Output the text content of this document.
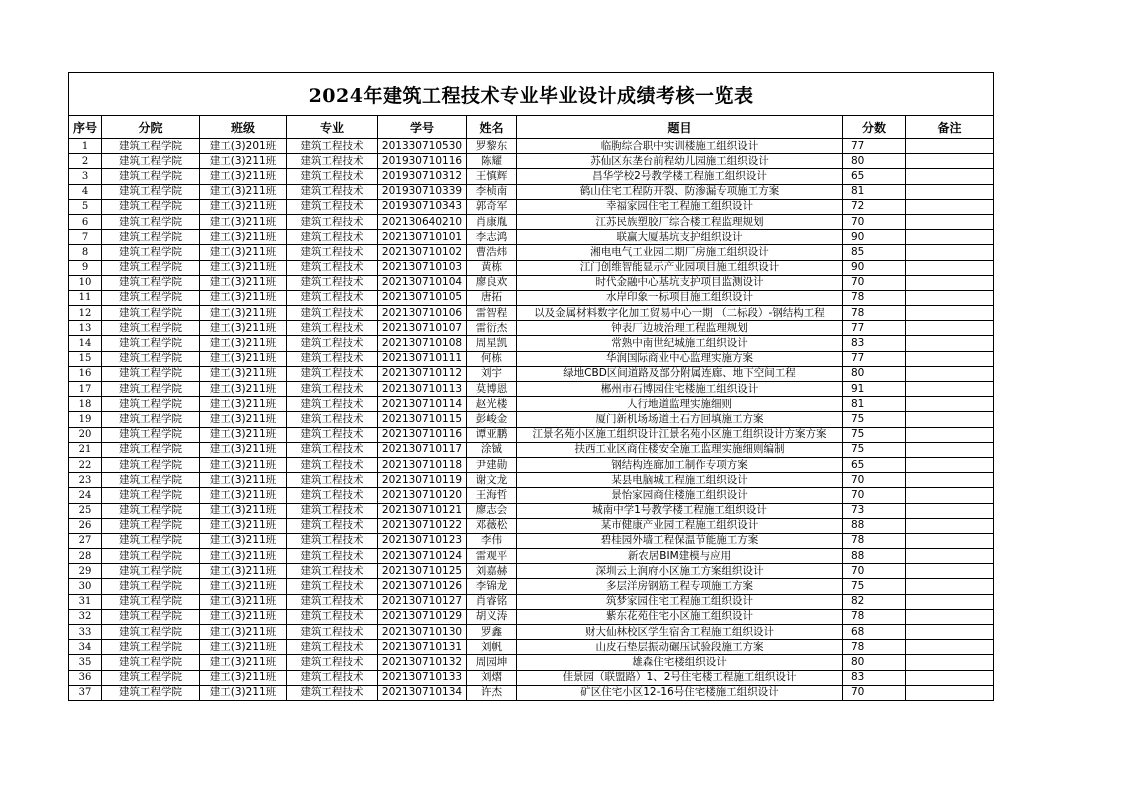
2024年建筑工程技术专业毕业设计成绩考核一览表								
序号	分院	班级	专业	学号	姓名	题目	分数	备注
1	建筑工程学院	建工(3)201班	建筑工程技术	201330710530	罗黎东	临朐综合职中实训楼施工组织设计	77	
2	建筑工程学院	建工(3)211班	建筑工程技术	201930710116	陈耀	苏仙区东垄台前程幼儿园施工组织设计	80	
3	建筑工程学院	建工(3)211班	建筑工程技术	201930710312	王慎辉	昌华学校2号教学楼工程施工组织设计	65	
4	建筑工程学院	建工(3)211班	建筑工程技术	201930710339	李桢南	鹤山住宅工程防开裂、防渗漏专项施工方案	81	
5	建筑工程学院	建工(3)211班	建筑工程技术	201930710343	郭奇军	幸福家园住宅工程施工组织设计	72	
6	建筑工程学院	建工(3)211班	建筑工程技术	202130640210	肖康胤	江苏民族塑胶厂综合楼工程监理规划	70	
7	建筑工程学院	建工(3)211班	建筑工程技术	202130710101	李志鸿	联赢大厦基坑支护组织设计	90	
8	建筑工程学院	建工(3)211班	建筑工程技术	202130710102	曹浩炜	湘电电气工业园二期厂房施工组织设计	85	
9	建筑工程学院	建工(3)211班	建筑工程技术	202130710103	黄栋	江门创维智能显示产业园项目施工组织设计	90	
10	建筑工程学院	建工(3)211班	建筑工程技术	202130710104	廖良欢	时代金融中心基坑支护项目监测设计	70	
11	建筑工程学院	建工(3)211班	建筑工程技术	202130710105	唐拓	水岸印象一标项目施工组织设计	78	
12	建筑工程学院	建工(3)211班	建筑工程技术	202130710106	雷智程	以及金属材料数字化加工贸易中心一期 （二标段）-钢结构工程	78	
13	建筑工程学院	建工(3)211班	建筑工程技术	202130710107	雷衍杰	钟表厂边坡治理工程监理规划	77	
14	建筑工程学院	建工(3)211班	建筑工程技术	202130710108	周星凯	常熟中南世纪城施工组织设计	83	
15	建筑工程学院	建工(3)211班	建筑工程技术	202130710111	何栋	华润国际商业中心监理实施方案	77	
16	建筑工程学院	建工(3)211班	建筑工程技术	202130710112	刘宇	绿地CBD区间道路及部分附属连廊、地下空间工程	80	
17	建筑工程学院	建工(3)211班	建筑工程技术	202130710113	莫博恩	郴州市石博园住宅楼施工组织设计	91	
18	建筑工程学院	建工(3)211班	建筑工程技术	202130710114	赵光楼	人行地道监理实施细则	81	
19	建筑工程学院	建工(3)211班	建筑工程技术	202130710115	彭峻金	厦门新机场场道土石方回填施工方案	75	
20	建筑工程学院	建工(3)211班	建筑工程技术	202130710116	谭亚鹏	江景名苑小区施工组织设计江景名苑小区施工组织设计方案方案	75	
21	建筑工程学院	建工(3)211班	建筑工程技术	202130710117	涂铖	扶西工业区商住楼安全施工监理实施细则编制	75	
22	建筑工程学院	建工(3)211班	建筑工程技术	202130710118	尹建勋	钢结构连廊加工制作专项方案	65	
23	建筑工程学院	建工(3)211班	建筑工程技术	202130710119	谢文龙	某县电脑城工程施工组织设计	70	
24	建筑工程学院	建工(3)211班	建筑工程技术	202130710120	王海哲	景怡家园商住楼施工组织设计	70	
25	建筑工程学院	建工(3)211班	建筑工程技术	202130710121	廖志会	城南中学1号教学楼工程施工组织设计	73	
26	建筑工程学院	建工(3)211班	建筑工程技术	202130710122	邓薇松	某市健康产业园工程施工组织设计	88	
27	建筑工程学院	建工(3)211班	建筑工程技术	202130710123	李伟	碧桂园外墙工程保温节能施工方案	78	
28	建筑工程学院	建工(3)211班	建筑工程技术	202130710124	雷观平	新农居BIM建模与应用	88	
29	建筑工程学院	建工(3)211班	建筑工程技术	202130710125	刘嘉赫	深圳云上润府小区施工方案组织设计	70	
30	建筑工程学院	建工(3)211班	建筑工程技术	202130710126	李锦龙	多层洋房钢筋工程专项施工方案	75	
31	建筑工程学院	建工(3)211班	建筑工程技术	202130710127	肖睿铭	筑梦家园住宅工程施工组织设计	82	
32	建筑工程学院	建工(3)211班	建筑工程技术	202130710129	胡义涛	紫东花苑住宅小区施工组织设计	78	
33	建筑工程学院	建工(3)211班	建筑工程技术	202130710130	罗鑫	财大仙林校区学生宿舍工程施工组织设计	68	
34	建筑工程学院	建工(3)211班	建筑工程技术	202130710131	刘帆	山皮石垫层振动碾压试验段施工方案	78	
35	建筑工程学院	建工(3)211班	建筑工程技术	202130710132	周园坤	雄森住宅楼组织设计	80	
36	建筑工程学院	建工(3)211班	建筑工程技术	202130710133	刘熠	佳景园（联盟路）1、2号住宅楼工程施工组织设计	83	
37	建筑工程学院	建工(3)211班	建筑工程技术	202130710134	许杰	矿区住宅小区12-16号住宅楼施工组织设计	70	
